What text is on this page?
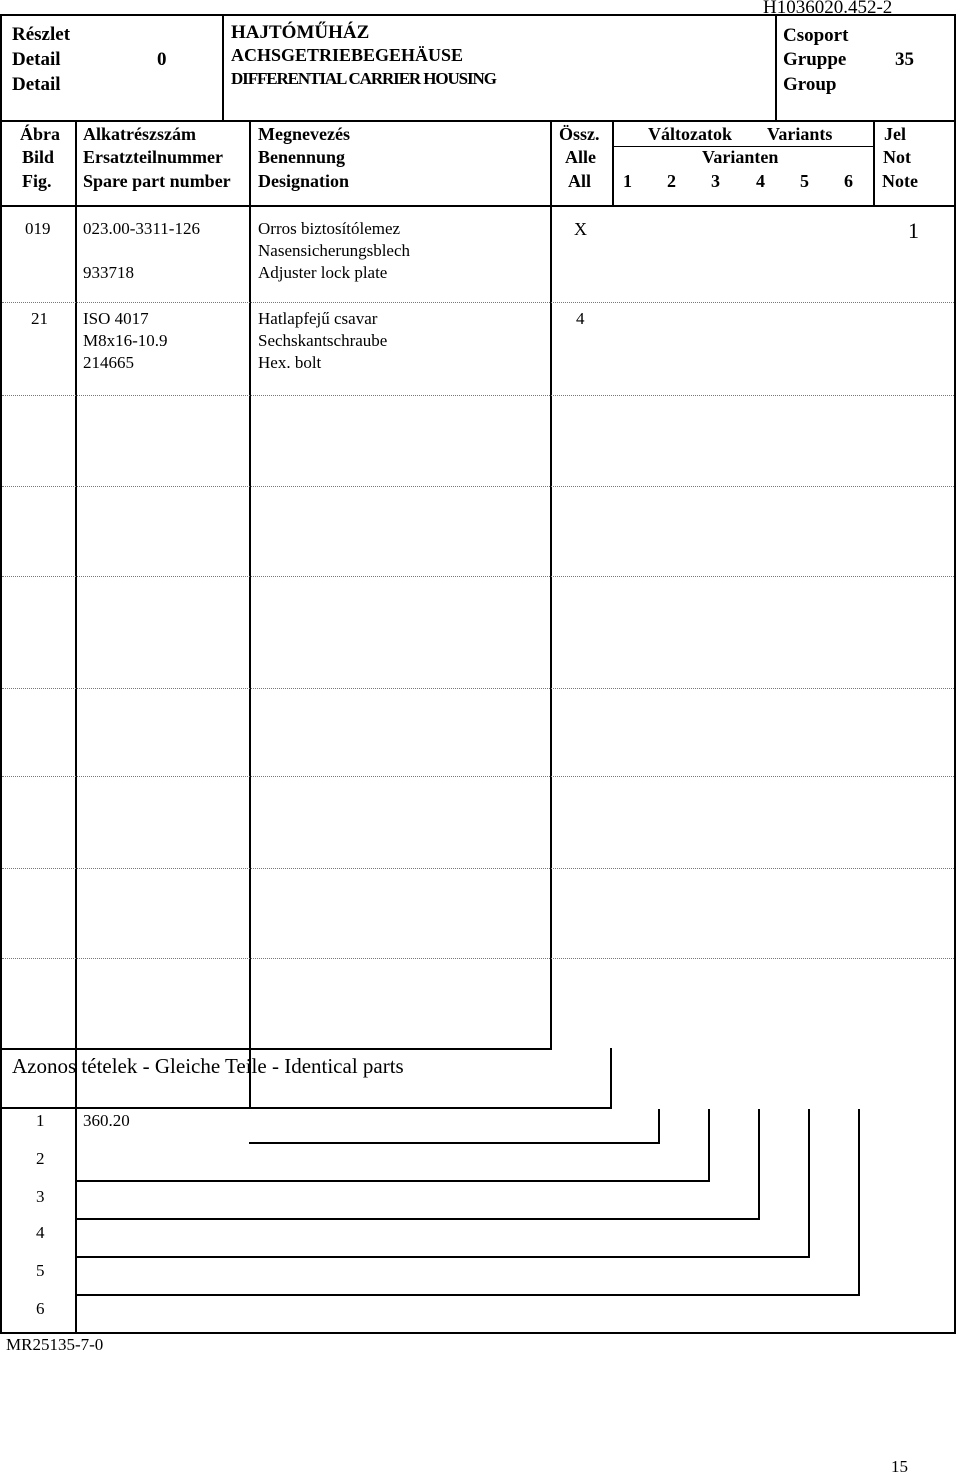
H1036020.452-2
Részlet
Detail
Detail
0
HAJTÓMŰHÁZ
ACHSGETRIEBEGEHÄUSE
DIFFERENTIAL CARRIER HOUSING
Csoport
Gruppe
Group
35
Ábra
Bild
Fig.
Alkatrészszám
Ersatzteilnummer
Spare part number
Megnevezés
Benennung
Designation
Össz.
Alle
All
Változatok Variants
Varianten
1 2 3 4 5 6
Jel
Not
Note
019 023.00-3311-126
933718
Orros biztosítólemez
Nasensicherungsblech
Adjuster lock plate
X	1
21 ISO 4017
M8x16-10.9
214665
Hatlapfejű csavar
Sechskantschraube
Hex. bolt
4
Azonos tételek - Gleiche Teile - Identical parts
1 360.20
2
3
4
5
6
MR25135-7-0
15
